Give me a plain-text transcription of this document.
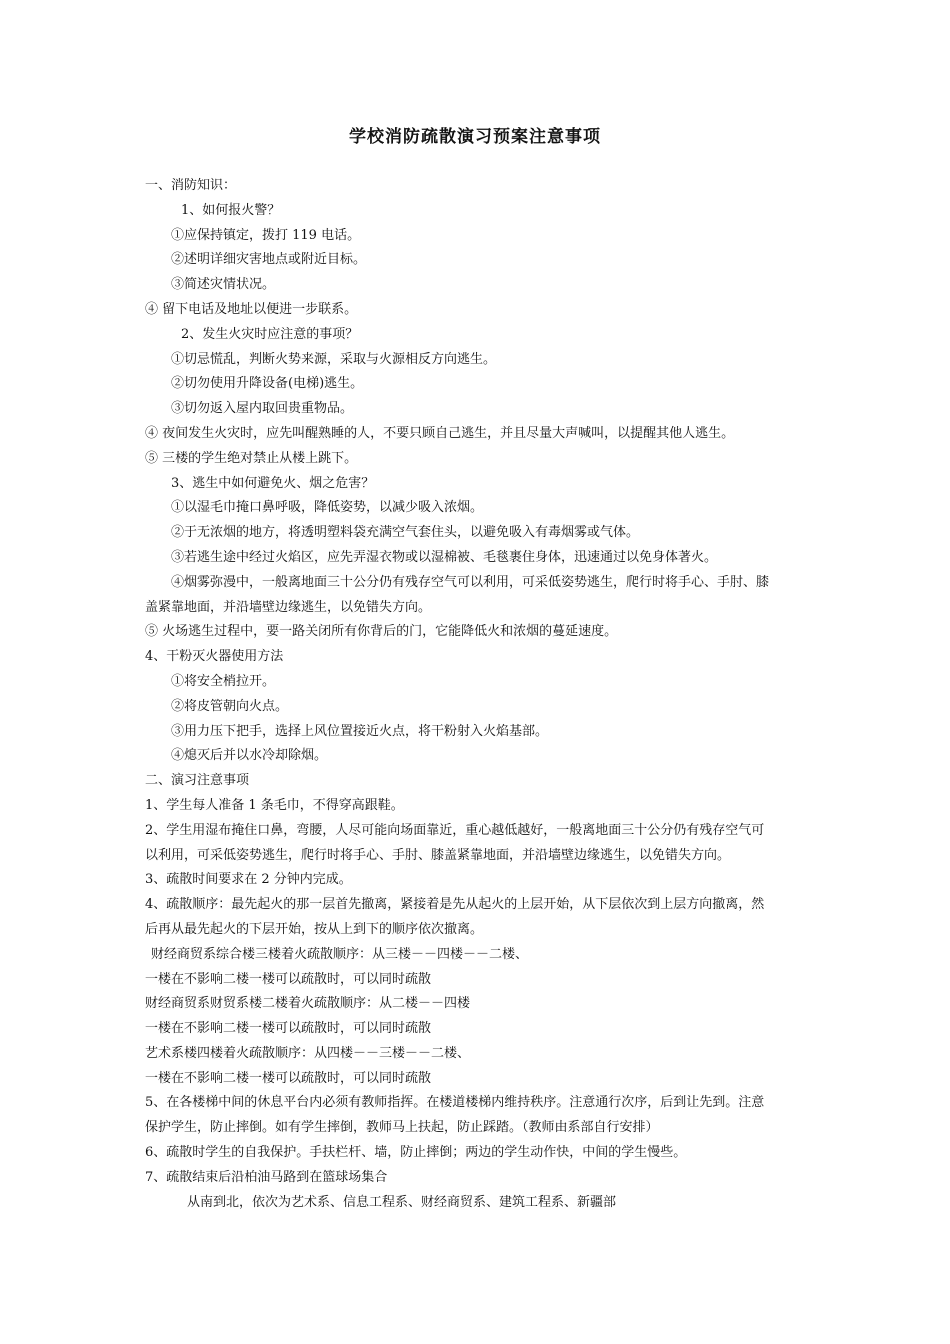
学校消防疏散演习预案注意事项
一、消防知识：
1、如何报火警？
①应保持镇定，拨打 119 电话。
②述明详细灾害地点或附近目标。
③简述灾情状况。
④ 留下电话及地址以便进一步联系。
2、发生火灾时应注意的事项？
①切忌慌乱，判断火势来源，采取与火源相反方向逃生。
②切勿使用升降设备(电梯)逃生。
③切勿返入屋内取回贵重物品。
④ 夜间发生火灾时，应先叫醒熟睡的人，不要只顾自己逃生，并且尽量大声喊叫，以提醒其他人逃生。
⑤ 三楼的学生绝对禁止从楼上跳下。
3、逃生中如何避免火、烟之危害？
①以湿毛巾掩口鼻呼吸，降低姿势，以减少吸入浓烟。
②于无浓烟的地方，将透明塑料袋充满空气套住头，以避免吸入有毒烟雾或气体。
③若逃生途中经过火焰区，应先弄湿衣物或以湿棉被、毛毯裹住身体，迅速通过以免身体著火。
④烟雾弥漫中，一般离地面三十公分仍有残存空气可以利用，可采低姿势逃生，爬行时将手心、手肘、膝
盖紧靠地面，并沿墙壁边缘逃生，以免错失方向。
⑤ 火场逃生过程中，要一路关闭所有你背后的门，它能降低火和浓烟的蔓延速度。
4、干粉灭火器使用方法
①将安全梢拉开。
②将皮管朝向火点。
③用力压下把手，选择上风位置接近火点，将干粉射入火焰基部。
④熄灭后并以水冷却除烟。
二、演习注意事项
1、学生每人准备 1 条毛巾，不得穿高跟鞋。
2、学生用湿布掩住口鼻，弯腰，人尽可能向场面靠近，重心越低越好，一般离地面三十公分仍有残存空气可
以利用，可采低姿势逃生，爬行时将手心、手肘、膝盖紧靠地面，并沿墙壁边缘逃生，以免错失方向。
3、疏散时间要求在 2 分钟内完成。
4、疏散顺序：最先起火的那一层首先撤离，紧接着是先从起火的上层开始，从下层依次到上层方向撤离，然
后再从最先起火的下层开始，按从上到下的顺序依次撤离。
财经商贸系综合楼三楼着火疏散顺序：从三楼－－四楼－－二楼、
一楼在不影响二楼一楼可以疏散时，可以同时疏散
财经商贸系财贸系楼二楼着火疏散顺序：从二楼－－四楼
一楼在不影响二楼一楼可以疏散时，可以同时疏散
艺术系楼四楼着火疏散顺序：从四楼－－三楼－－二楼、
一楼在不影响二楼一楼可以疏散时，可以同时疏散
5、在各楼梯中间的休息平台内必须有教师指挥。在楼道楼梯内维持秩序。注意通行次序，后到让先到。注意
保护学生，防止摔倒。如有学生摔倒，教师马上扶起，防止踩踏。（教师由系部自行安排）
6、疏散时学生的自我保护。手扶栏杆、墙，防止摔倒；两边的学生动作快，中间的学生慢些。
7、疏散结束后沿柏油马路到在篮球场集合
从南到北，依次为艺术系、信息工程系、财经商贸系、建筑工程系、新疆部
